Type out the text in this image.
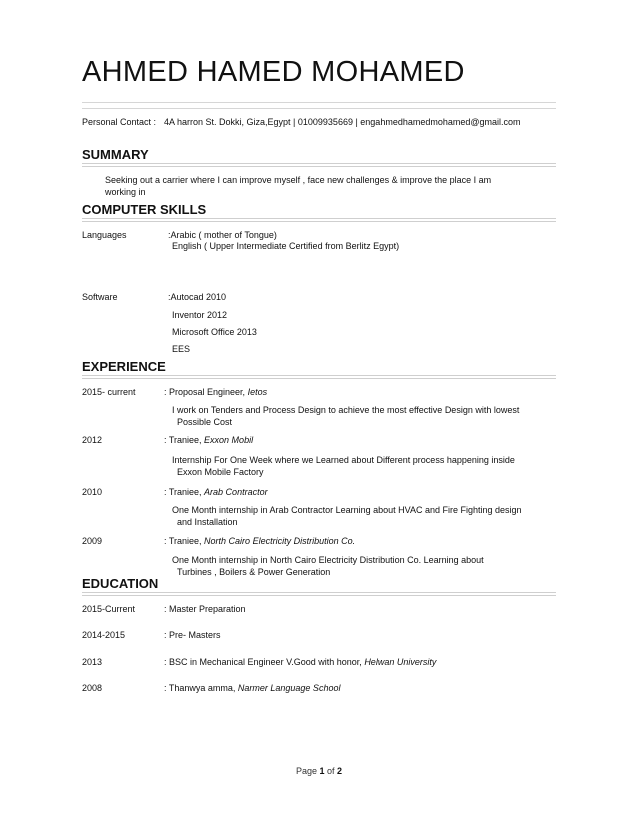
AHMED HAMED MOHAMED
Personal Contact : 4A harron St. Dokki, Giza,Egypt | 01009935669 | engahmedhamedmohamed@gmail.com
SUMMARY
Seeking out a carrier where I can improve myself , face new challenges & improve the place I am
working in
COMPUTER SKILLS
Languages	:Arabic ( mother of Tongue)
English ( Upper Intermediate Certified from Berlitz Egypt)
Software	:Autocad 2010
Inventor 2012
Microsoft Office 2013
EES
EXPERIENCE
2015- current	: Proposal Engineer, Ietos
I work on Tenders and Process Design to achieve the most effective Design with lowest
Possible Cost
2012	: Traniee, Exxon Mobil
Internship For One Week where we Learned about Different process happening inside
Exxon Mobile Factory
2010	: Traniee, Arab Contractor
One Month internship in Arab Contractor Learning about HVAC and Fire Fighting design
and Installation
2009	: Traniee, North Cairo Electricity Distribution Co.
One Month internship in North Cairo Electricity Distribution Co. Learning about
Turbines , Boilers & Power Generation
EDUCATION
2015-Current	: Master Preparation
2014-2015	: Pre- Masters
2013	: BSC in Mechanical Engineer V.Good with honor, Helwan University
2008	: Thanwya amma, Narmer Language School
Page 1 of 2
